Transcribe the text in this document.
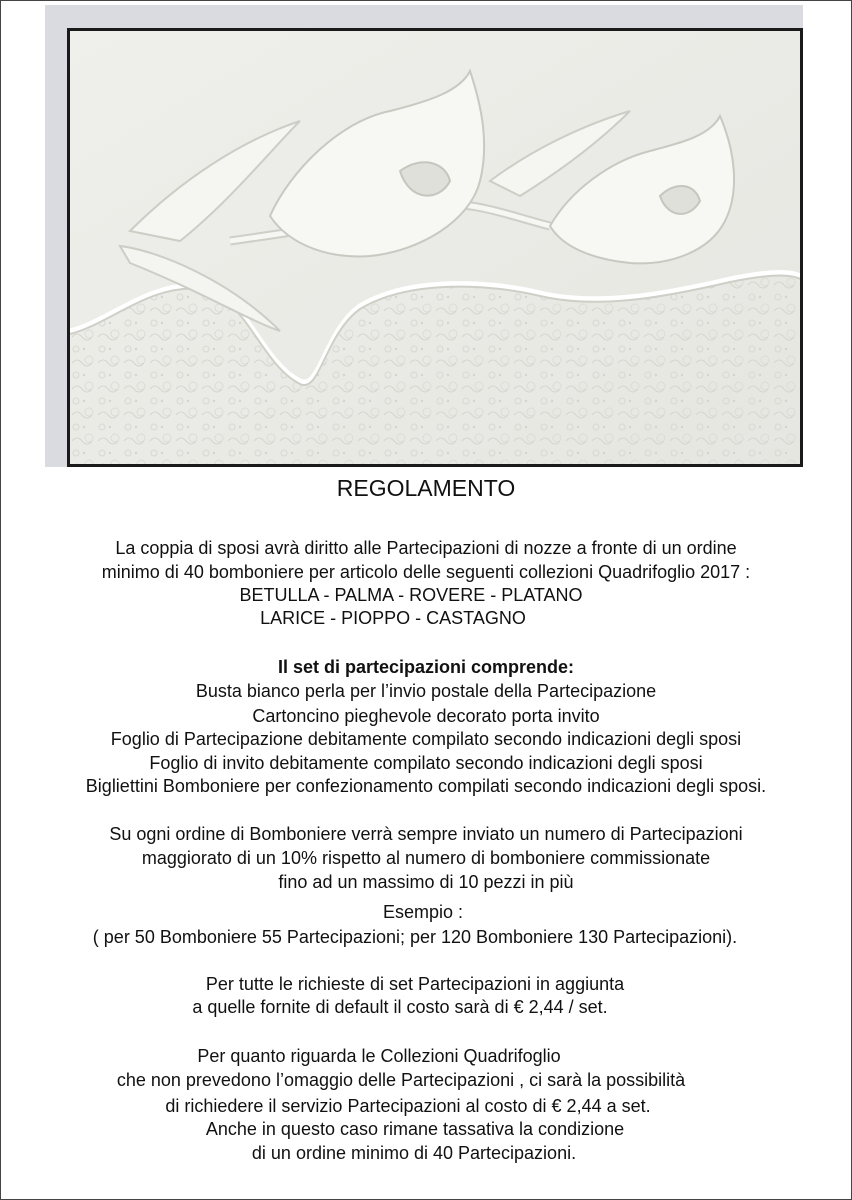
REGOLAMENTO
La coppia di sposi avrà diritto alle Partecipazioni di nozze a fronte di un ordine
minimo di 40 bomboniere per articolo delle seguenti collezioni Quadrifoglio 2017 :
BETULLA - PALMA - ROVERE - PLATANO
LARICE - PIOPPO - CASTAGNO
Il set di partecipazioni comprende:
Busta bianco perla per l’invio postale della Partecipazione
Cartoncino pieghevole decorato porta invito
Foglio di Partecipazione debitamente compilato secondo indicazioni degli sposi
Foglio di invito debitamente compilato secondo indicazioni degli sposi
Bigliettini Bomboniere per confezionamento compilati secondo indicazioni degli sposi.
Su ogni ordine di Bomboniere verrà sempre inviato un numero di Partecipazioni
maggiorato di un 10% rispetto al numero di bomboniere commissionate
fino ad un massimo di 10 pezzi in più
Esempio :
( per 50 Bomboniere 55 Partecipazioni; per 120 Bomboniere 130 Partecipazioni).
Per tutte le richieste di set Partecipazioni in aggiunta
a quelle fornite di default il costo sarà di € 2,44 / set.
Per quanto riguarda le Collezioni Quadrifoglio
che non prevedono l’omaggio delle Partecipazioni , ci sarà la possibilità
di richiedere il servizio Partecipazioni al costo di € 2,44 a set.
Anche in questo caso rimane tassativa la condizione
di un ordine minimo di 40 Partecipazioni.
